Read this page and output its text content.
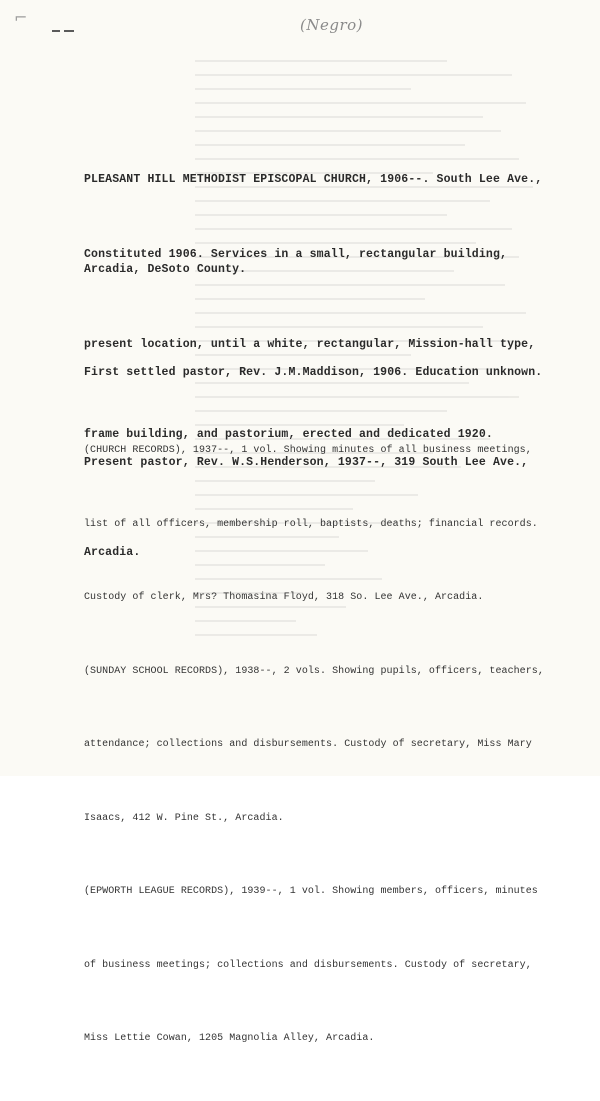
⌐	(Negro)

PLEASANT HILL METHODIST EPISCOPAL CHURCH, 1906--. South Lee Ave.,

Arcadia, DeSoto County.

Constituted 1906. Services in a small, rectangular building,

present location, until a white, rectangular, Mission-hall type,

frame building, and pastorium, erected and dedicated 1920.

First settled pastor, Rev. J.M.Maddison, 1906. Education unknown.

Present pastor, Rev. W.S.Henderson, 1937--, 319 South Lee Ave.,

Arcadia.

(CHURCH RECORDS), 1937--, 1 vol. Showing minutes of all business meetings,

list of all officers, membership roll, baptists, deaths; financial records.

Custody of clerk, Mrs? Thomasina Floyd, 318 So. Lee Ave., Arcadia.

(SUNDAY SCHOOL RECORDS), 1938--, 2 vols. Showing pupils, officers, teachers,

attendance; collections and disbursements. Custody of secretary, Miss Mary

Isaacs, 412 W. Pine St., Arcadia.

(EPWORTH LEAGUE RECORDS), 1939--, 1 vol. Showing members, officers, minutes

of business meetings; collections and disbursements. Custody of secretary,

Miss Lettie Cowan, 1205 Magnolia Alley, Arcadia.
